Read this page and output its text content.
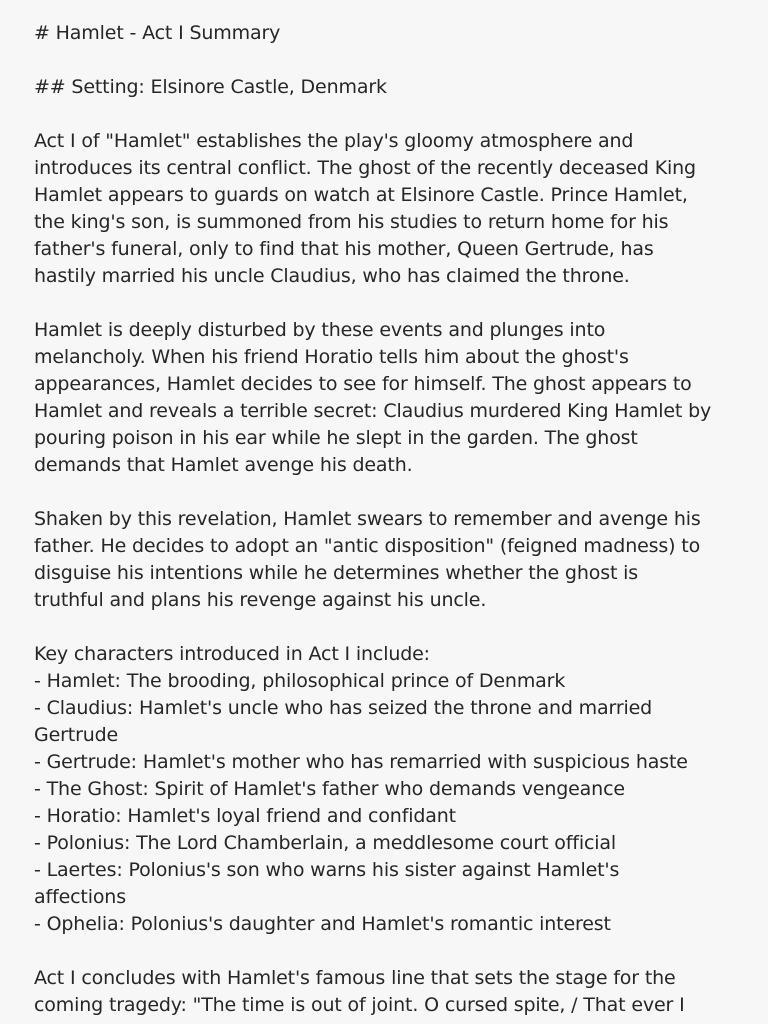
# Hamlet - Act I Summary
## Setting: Elsinore Castle, Denmark
Act I of "Hamlet" establishes the play's gloomy atmosphere and
introduces its central conflict. The ghost of the recently deceased King
Hamlet appears to guards on watch at Elsinore Castle. Prince Hamlet,
the king's son, is summoned from his studies to return home for his
father's funeral, only to find that his mother, Queen Gertrude, has
hastily married his uncle Claudius, who has claimed the throne.
Hamlet is deeply disturbed by these events and plunges into
melancholy. When his friend Horatio tells him about the ghost's
appearances, Hamlet decides to see for himself. The ghost appears to
Hamlet and reveals a terrible secret: Claudius murdered King Hamlet by
pouring poison in his ear while he slept in the garden. The ghost
demands that Hamlet avenge his death.
Shaken by this revelation, Hamlet swears to remember and avenge his
father. He decides to adopt an "antic disposition" (feigned madness) to
disguise his intentions while he determines whether the ghost is
truthful and plans his revenge against his uncle.
Key characters introduced in Act I include:
- Hamlet: The brooding, philosophical prince of Denmark
- Claudius: Hamlet's uncle who has seized the throne and married
Gertrude
- Gertrude: Hamlet's mother who has remarried with suspicious haste
- The Ghost: Spirit of Hamlet's father who demands vengeance
- Horatio: Hamlet's loyal friend and confidant
- Polonius: The Lord Chamberlain, a meddlesome court official
- Laertes: Polonius's son who warns his sister against Hamlet's
affections
- Ophelia: Polonius's daughter and Hamlet's romantic interest
Act I concludes with Hamlet's famous line that sets the stage for the
coming tragedy: "The time is out of joint. O cursed spite, / That ever I
